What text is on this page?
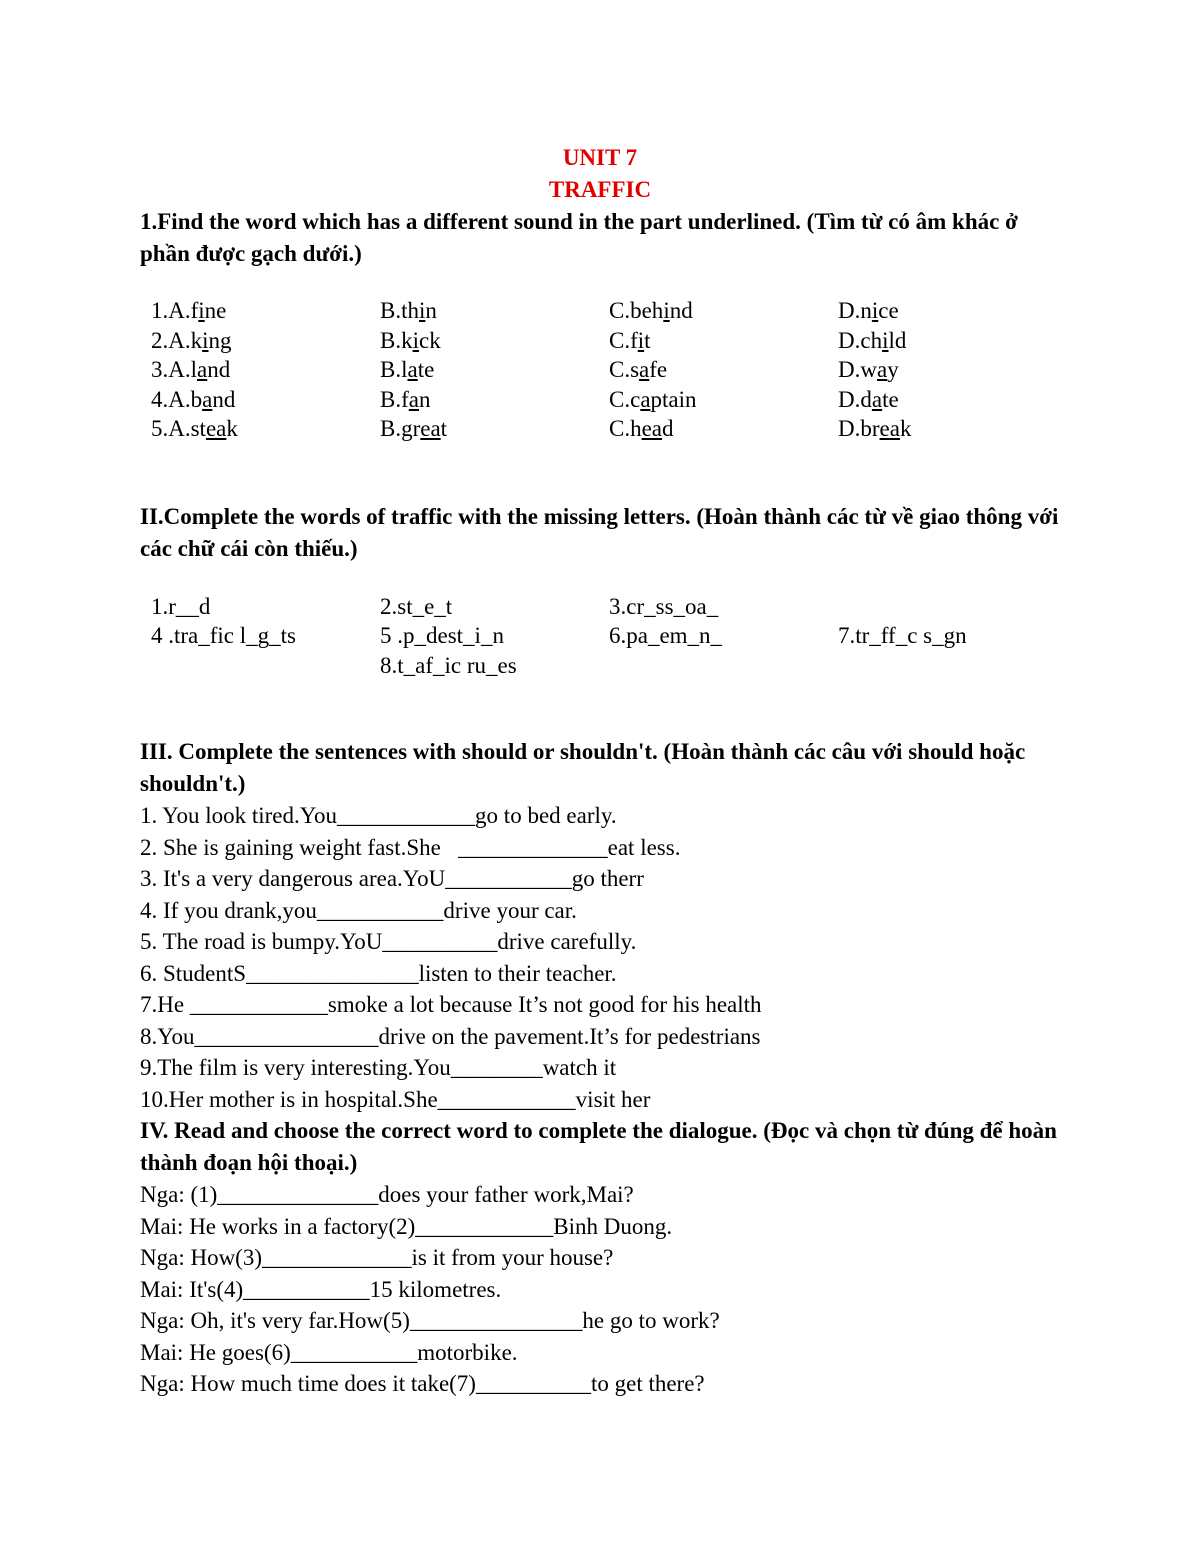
UNIT 7
TRAFFIC
1.Find the word which has a different sound in the part underlined. (Tìm từ có âm khác ở phần được gạch dưới.)
1.A.fine	B.thin	C.behind	D.nice
2.A.king	B.kick	C.fit	D.child
3.A.land	B.late	C.safe	D.way
4.A.band	B.fan	C.captain	D.date
5.A.steak	B.great	C.head	D.break
II.Complete the words of traffic with the missing letters. (Hoàn thành các từ về giao thông với các chữ cái còn thiếu.)
1.r__d	2.st_e_t	3.cr_ss_oa_
4 .tra_fic l_g_ts	5 .p_dest_i_n	6.pa_em_n_	7.tr_ff_c s_gn
8.t_af_ic ru_es
III. Complete the sentences with should or shouldn't. (Hoàn thành các câu với should hoặc shouldn't.)
1. You look tired.You____________go to bed early.
2. She is gaining weight fast.She   _____________eat less.
3. It's a very dangerous area.YoU___________go therr
4. If you drank,you___________drive your car.
5. The road is bumpy.YoU__________drive carefully.
6. StudentS_______________listen to their teacher.
7.He ____________smoke a lot because It’s not good for his health
8.You________________drive on the pavement.It’s for pedestrians
9.The film is very interesting.You________watch it
10.Her mother is in hospital.She____________visit her
IV. Read and choose the correct word to complete the dialogue. (Đọc và chọn từ đúng để hoàn thành đoạn hội thoại.)
Nga: (1)______________does your father work,Mai?
Mai: He works in a factory(2)____________Binh Duong.
Nga: How(3)_____________is it from your house?
Mai: It's(4)___________15 kilometres.
Nga: Oh, it's very far.How(5)_______________he go to work?
Mai: He goes(6)___________motorbike.
Nga: How much time does it take(7)__________to get there?
